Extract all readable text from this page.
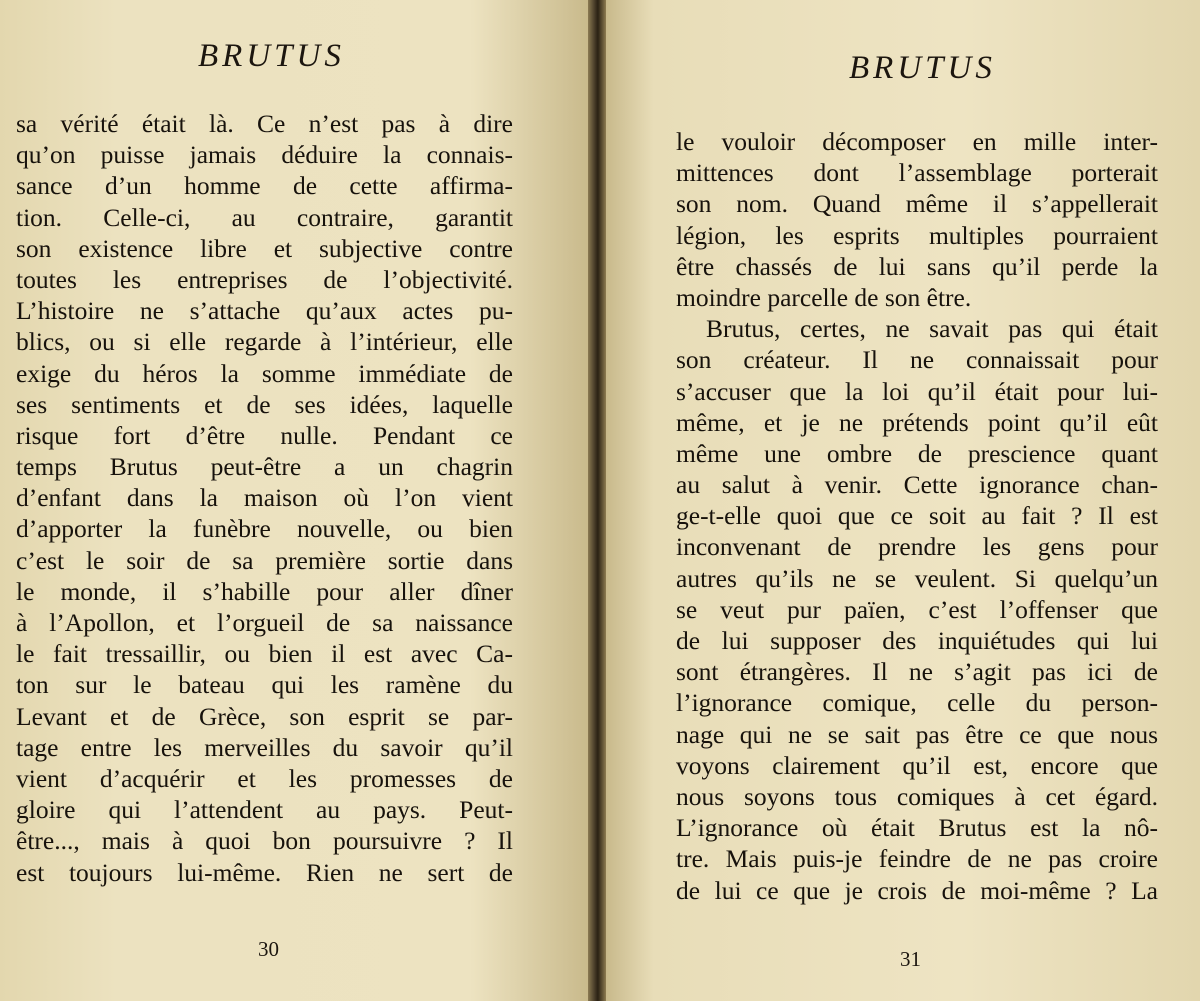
BRUTUS
sa vérité était là. Ce n’est pas à dire
qu’on puisse jamais déduire la connais-
sance d’un homme de cette affirma-
tion. Celle-ci, au contraire, garantit
son existence libre et subjective contre
toutes les entreprises de l’objectivité.
L’histoire ne s’attache qu’aux actes pu-
blics, ou si elle regarde à l’intérieur, elle
exige du héros la somme immédiate de
ses sentiments et de ses idées, laquelle
risque fort d’être nulle. Pendant ce
temps Brutus peut-être a un chagrin
d’enfant dans la maison où l’on vient
d’apporter la funèbre nouvelle, ou bien
c’est le soir de sa première sortie dans
le monde, il s’habille pour aller dîner
à l’Apollon, et l’orgueil de sa naissance
le fait tressaillir, ou bien il est avec Ca-
ton sur le bateau qui les ramène du
Levant et de Grèce, son esprit se par-
tage entre les merveilles du savoir qu’il
vient d’acquérir et les promesses de
gloire qui l’attendent au pays. Peut-
être..., mais à quoi bon poursuivre ? Il
est toujours lui-même. Rien ne sert de
30
BRUTUS
le vouloir décomposer en mille inter-
mittences dont l’assemblage porterait
son nom. Quand même il s’appellerait
légion, les esprits multiples pourraient
être chassés de lui sans qu’il perde la
moindre parcelle de son être.
Brutus, certes, ne savait pas qui était
son créateur. Il ne connaissait pour
s’accuser que la loi qu’il était pour lui-
même, et je ne prétends point qu’il eût
même une ombre de prescience quant
au salut à venir. Cette ignorance chan-
ge-t-elle quoi que ce soit au fait ? Il est
inconvenant de prendre les gens pour
autres qu’ils ne se veulent. Si quelqu’un
se veut pur païen, c’est l’offenser que
de lui supposer des inquiétudes qui lui
sont étrangères. Il ne s’agit pas ici de
l’ignorance comique, celle du person-
nage qui ne se sait pas être ce que nous
voyons clairement qu’il est, encore que
nous soyons tous comiques à cet égard.
L’ignorance où était Brutus est la nô-
tre. Mais puis-je feindre de ne pas croire
de lui ce que je crois de moi-même ? La
31
